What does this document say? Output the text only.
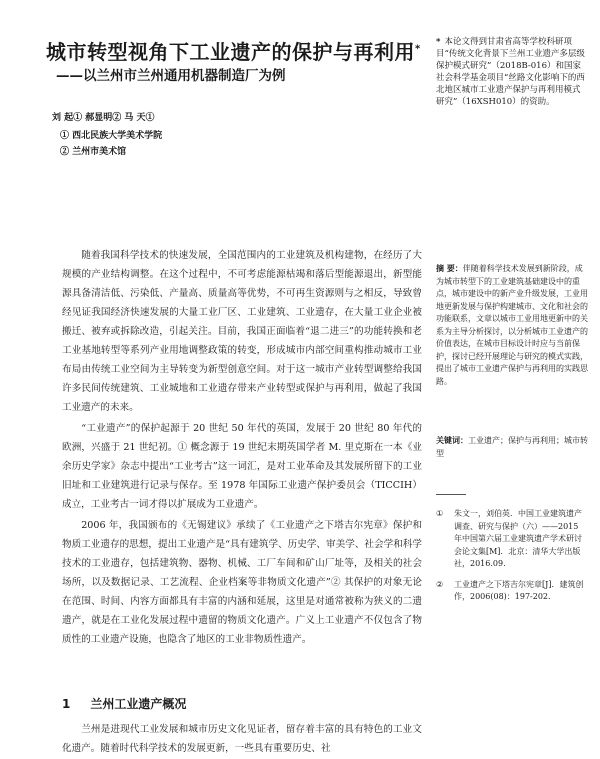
城市转型视角下工业遗产的保护与再利用*
——以兰州市兰州通用机器制造厂为例
刘 起① 郝显明② 马 天①
① 西北民族大学美术学院
② 兰州市美术馆
* 本论文得到甘肃省高等学校科研项目“传统文化背景下兰州工业遗产多层级保护模式研究”（2018B-016）和国家社会科学基金项目“丝路文化影响下的西北地区城市工业遗产保护与再利用模式研究”（16XSH010）的资助。

随着我国科学技术的快速发展，全国范围内的工业建筑及机构建物，在经历了大规模的产业结构调整。在这个过程中，不可考虑能源枯竭和落后型能源退出，新型能源具备清洁低、污染低、产量高、质量高等优势，不可再生资源则与之相反，导致曾经见证我国经济快速发展的大量工业厂区、工业建筑、工业遗存，在大量工业企业被搬迁、被弃或拆除改造，引起关注。目前，我国正面临着“退二进三”的功能转换和老工业基地转型等系列产业用地调整政策的转变，形成城市内部空间重构推动城市工业布局由传统工业空间为主导转变为新型创意空间。对于这一城市产业转型调整给我国许多民间传统建筑、工业城地和工业遗存带来产业转型或保护与再利用，做起了我国工业遗产的未来。

“工业遗产”的保护起源于 20 世纪 50 年代的英国，发展于 20 世纪 80 年代的欧洲，兴盛于 21 世纪初。① 概念源于 19 世纪末期英国学者 M. 里克斯在一本《业余历史学家》杂志中提出“工业考古”这一词汇，是对工业革命及其发展所留下的工业旧址和工业建筑进行记录与保存。至 1978 年国际工业遗产保护委员会（TICCIH）成立，工业考古一词才得以扩展成为工业遗产。

2006 年，我国颁布的《无锡建议》承续了《工业遗产之下塔吉尔宪章》保护和物质工业遗存的思想，提出工业遗产是“具有建筑学、历史学、审美学、社会学和科学技术的工业遗存，包括建筑物、器物、机械、工厂车间和矿山厂址等，及相关的社会场所，以及数据记录、工艺流程、企业档案等非物质文化遗产”② 其保护的对象无论在范围、时间、内容方面都具有丰富的内涵和延展，这里是对通常被称为狭义的二遗遗产，就是在工业化发展过程中遗留的物质文化遗产。广义上工业遗产不仅包含了物质性的工业遗产设施，也隐含了地区的工业非物质性遗产。

1 兰州工业遗产概况

兰州是进现代工业发展和城市历史文化见证者，留存着丰富的具有特色的工业文化遗产。随着时代科学技术的发展更新，一些具有重要历史、社

摘 要：伴随着科学技术发展到新阶段，成为城市转型下的工业建筑基础建设中的重点，城市建设中的新产业升级发展，工业用地更新发展与保护构建城市、文化和社会的功能联系，文章以城市工业用地更新中的关系为主导分析探讨，以分析城市工业遗产的价值表达，在城市目标设计时应与当前保护，探讨已经开展理论与研究的模式实践，提出了城市工业遗产保护与再利用的实践思路。
关键词：工业遗产；保护与再利用；城市转型
①	朱文一，刘伯英．中国工业建筑遗产调查、研究与保护（六）——2015 年中国第六届工业建筑遗产学术研讨会论文集[M]．北京：清华大学出版社，2016.09.
②	工业遗产之下塔吉尔宪章[J]．建筑创作，2006(08)：197-202.
